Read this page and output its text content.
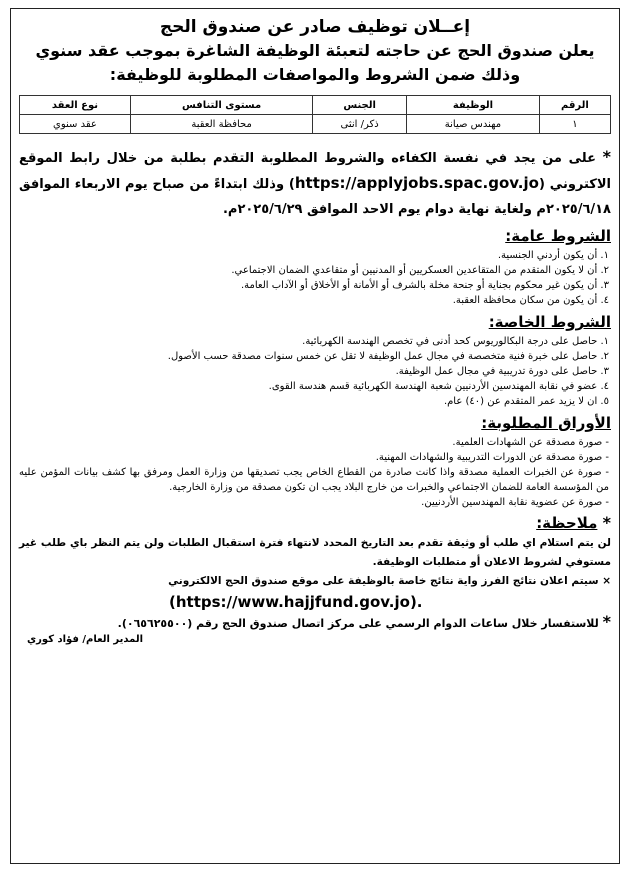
إعــلان توظيف صادر عن صندوق الحج
يعلن صندوق الحج عن حاجته لتعبئة الوظيفة الشاغرة بموجب عقد سنوي
وذلك ضمن الشروط والمواصفات المطلوبة للوظيفة:
الرقم	الوظيفة	الجنس	مستوى التنافس	نوع العقد
١	مهندس صيانة	ذكر/ انثى	محافظة العقبة	عقد سنوي
* على من يجد في نفسة الكفاءه والشروط المطلوبة التقدم بطلبة من خلال رابط الموقع الاكتروني (https://applyjobs.spac.gov.jo) وذلك ابتداءً من صباح يوم الاربعاء الموافق ٢٠٢٥/٦/١٨م ولغاية نهاية دوام يوم الاحد الموافق ٢٠٢٥/٦/٢٩م.
الشروط عامة:
١. أن يكون أردني الجنسية.
٢. أن لا يكون المتقدم من المتقاعدين العسكريين أو المدنيين أو متقاعدي الضمان الاجتماعي.
٣. أن يكون غير محكوم بجناية أو جنحة مخلة بالشرف أو الأمانة أو الأخلاق أو الآداب العامة.
٤. أن يكون من سكان محافظة العقبة.
الشروط الخاصة:
١. حاصل على درجة البكالوريوس كحد أدنى في تخصص الهندسة الكهربائية.
٢. حاصل على خبرة فنية متخصصة في مجال عمل الوظيفة لا تقل عن خمس سنوات مصدقة حسب الأصول.
٣. حاصل على دورة تدريبية في مجال عمل الوظيفة.
٤. عضو في نقابة المهندسين الأردنيين شعبة الهندسة الكهربائية قسم هندسة القوى.
٥. ان لا يزيد عمر المتقدم عن (٤٠) عام.
الأوراق المطلوبة:
- صورة مصدقة عن الشهادات العلمية.
- صورة مصدقة عن الدورات التدريبية والشهادات المهنية.
- صورة عن الخبرات العملية مصدقة واذا كانت صادرة من القطاع الخاص يجب تصديقها من وزارة العمل ومرفق بها كشف بيانات المؤمن عليه من المؤسسة العامة للضمان الاجتماعي والخبرات من خارج البلاد يجب ان تكون مصدقة من وزارة الخارجية.
- صورة عن عضوية نقابة المهندسين الأردنيين.
* ملاحظة:
لن يتم استلام اي طلب أو وثيقة تقدم بعد التاريخ المحدد لانتهاء فترة استقبال الطلبات ولن يتم النظر باي طلب غير مستوفي لشروط الاعلان أو متطلبات الوظيفة.
× سيتم اعلان نتائج الفرز واية نتائج خاصة بالوظيفة على موقع صندوق الحج الالكتروني
(https://www.hajjfund.gov.jo).
* للاستفسار خلال ساعات الدوام الرسمي على مركز اتصال صندوق الحج رقم (٠٦٥٦٢٥٥٠٠).
المدير العام/ فؤاد كوري
